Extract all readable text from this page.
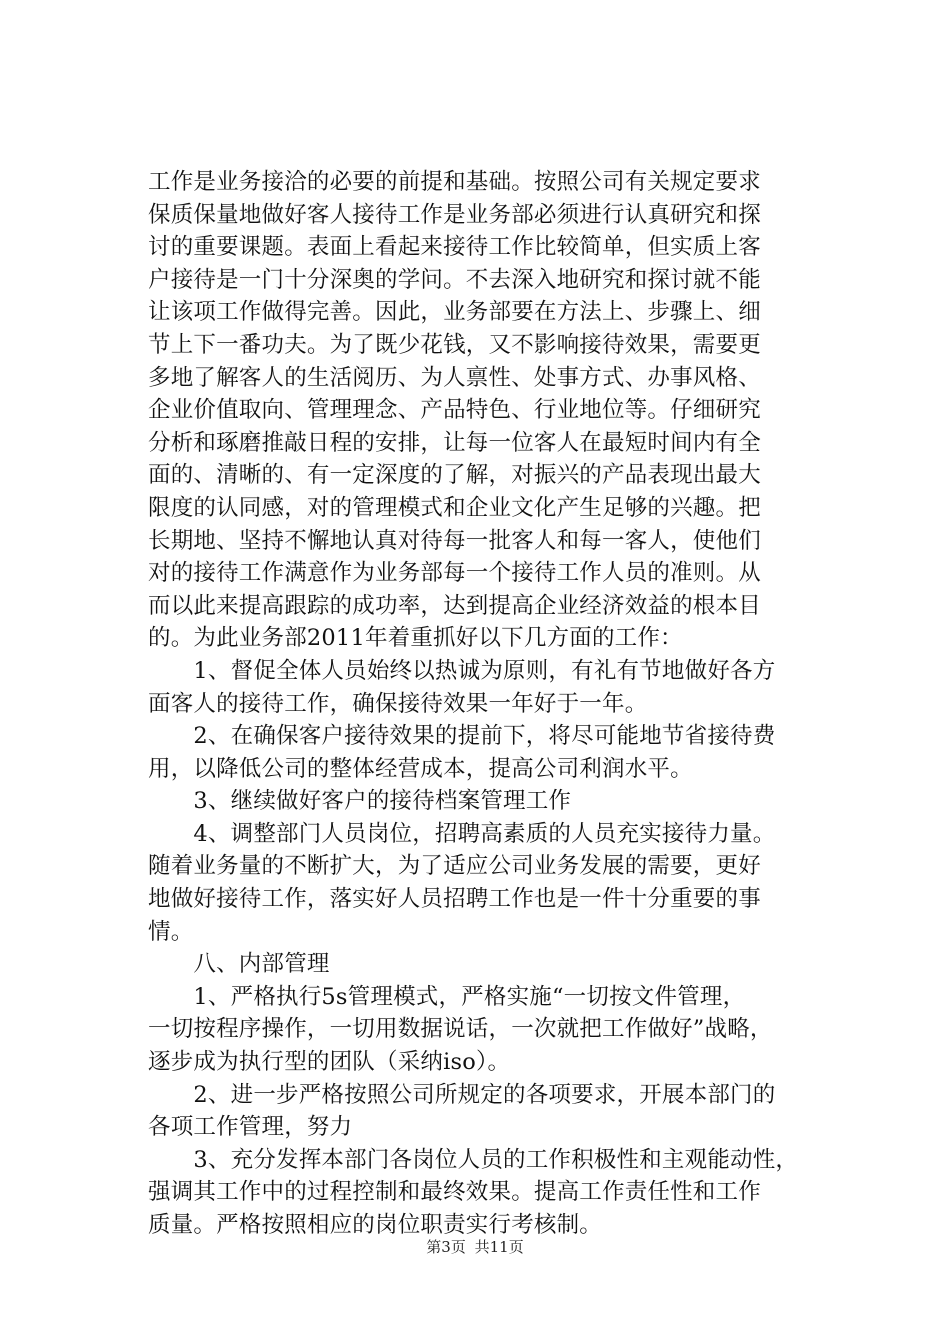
工作是业务接洽的必要的前提和基础。按照公司有关规定要求
保质保量地做好客人接待工作是业务部必须进行认真研究和探
讨的重要课题。表面上看起来接待工作比较简单，但实质上客
户接待是一门十分深奥的学问。不去深入地研究和探讨就不能
让该项工作做得完善。因此，业务部要在方法上、步骤上、细
节上下一番功夫。为了既少花钱，又不影响接待效果，需要更
多地了解客人的生活阅历、为人禀性、处事方式、办事风格、
企业价值取向、管理理念、产品特色、行业地位等。仔细研究
分析和琢磨推敲日程的安排，让每一位客人在最短时间内有全
面的、清晰的、有一定深度的了解，对振兴的产品表现出最大
限度的认同感，对的管理模式和企业文化产生足够的兴趣。把
长期地、坚持不懈地认真对待每一批客人和每一客人，使他们
对的接待工作满意作为业务部每一个接待工作人员的准则。从
而以此来提高跟踪的成功率，达到提高企业经济效益的根本目
的。为此业务部2011年着重抓好以下几方面的工作：
　　1、督促全体人员始终以热诚为原则，有礼有节地做好各方
面客人的接待工作，确保接待效果一年好于一年。
　　2、在确保客户接待效果的提前下，将尽可能地节省接待费
用，以降低公司的整体经营成本，提高公司利润水平。
　　3、继续做好客户的接待档案管理工作
　　4、调整部门人员岗位，招聘高素质的人员充实接待力量。
随着业务量的不断扩大，为了适应公司业务发展的需要，更好
地做好接待工作，落实好人员招聘工作也是一件十分重要的事
情。
　　八、内部管理
　　1、严格执行5s管理模式，严格实施“一切按文件管理，
一切按程序操作，一切用数据说话，一次就把工作做好”战略，
逐步成为执行型的团队（采纳iso）。
　　2、进一步严格按照公司所规定的各项要求，开展本部门的
各项工作管理，努力
　　3、充分发挥本部门各岗位人员的工作积极性和主观能动性，
强调其工作中的过程控制和最终效果。提高工作责任性和工作
质量。严格按照相应的岗位职责实行考核制。
第3页 共11页
